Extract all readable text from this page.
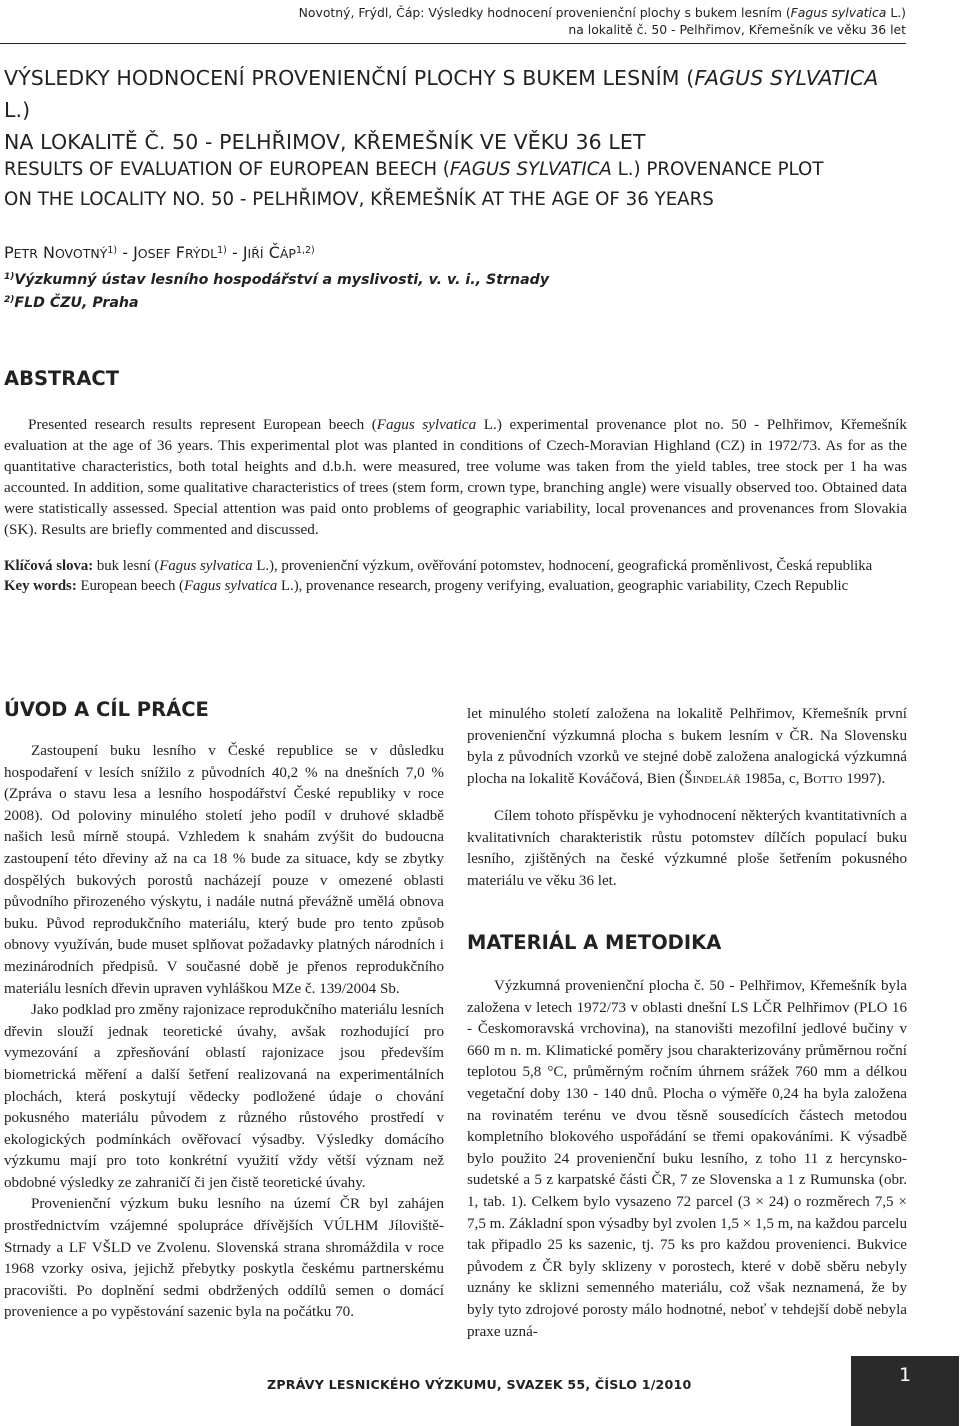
Novotný, Frýdl, Čáp: Výsledky hodnocení provenienční plochy s bukem lesním (Fagus sylvatica L.)
na lokalitě č. 50 - Pelhřimov, Křemešník ve věku 36 let
VÝSLEDKY HODNOCENÍ PROVENIENČNÍ PLOCHY S BUKEM LESNÍM (FAGUS SYLVATICA L.)
NA LOKALITĚ Č. 50 - PELHŘIMOV, KŘEMEŠNÍK VE VĚKU 36 LET
RESULTS OF EVALUATION OF EUROPEAN BEECH (FAGUS SYLVATICA L.) PROVENANCE PLOT
ON THE LOCALITY NO. 50 - PELHŘIMOV, KŘEMEŠNÍK AT THE AGE OF 36 YEARS
PETR NOVOTNÝ$^{1)}$ - JOSEF FRÝDL$^{1)}$ - JIŘÍ ČÁP$^{1,2)}$
$^{1)}$Výzkumný ústav lesního hospodářství a myslivosti, v. v. i., Strnady
$^{2)}$FLD ČZU, Praha
ABSTRACT

Presented research results represent European beech (Fagus sylvatica L.) experimental provenance plot no. 50 - Pelhřimov, Křemešník evaluation at the age of 36 years. This experimental plot was planted in conditions of Czech-Moravian Highland (CZ) in 1972/73. As for as the quantitative characteristics, both total heights and d.b.h. were measured, tree volume was taken from the yield tables, tree stock per 1 ha was accounted. In addition, some qualitative characteristics of trees (stem form, crown type, branching angle) were visually observed too. Obtained data were statistically assessed. Special attention was paid onto problems of geographic variability, local provenances and provenances from Slovakia (SK). Results are briefly commented and discussed.

Klíčová slova: buk lesní (Fagus sylvatica L.), provenienční výzkum, ověřování potomstev, hodnocení, geografická proměnlivost, Česká republika
Key words: European beech (Fagus sylvatica L.), provenance research, progeny verifying, evaluation, geographic variability, Czech Republic
ÚVOD A CÍL PRÁCE

Zastoupení buku lesního v České republice se v důsledku hospodaření v lesích snížilo z původních 40,2 % na dnešních 7,0 % (Zpráva o stavu lesa a lesního hospodářství České republiky v roce 2008). Od poloviny minulého století jeho podíl v druhové skladbě našich lesů mírně stoupá. Vzhledem k snahám zvýšit do budoucna zastoupení této dřeviny až na ca 18 % bude za situace, kdy se zbytky dospělých bukových porostů nacházejí pouze v omezené oblasti původního přirozeného výskytu, i nadále nutná převážně umělá obnova buku. Původ reprodukčního materiálu, který bude pro tento způsob obnovy využíván, bude muset splňovat požadavky platných národních i mezinárodních předpisů. V současné době je přenos reprodukčního materiálu lesních dřevin upraven vyhláškou MZe č. 139/2004 Sb.

Jako podklad pro změny rajonizace reprodukčního materiálu lesních dřevin slouží jednak teoretické úvahy, avšak rozhodující pro vymezování a zpřesňování oblastí rajonizace jsou především biometrická měření a další šetření realizovaná na experimentálních plochách, která poskytují vědecky podložené údaje o chování pokusného materiálu původem z různého růstového prostředí v ekologických podmínkách ověřovací výsadby. Výsledky domácího výzkumu mají pro toto konkrétní využití vždy větší význam než obdobné výsledky ze zahraničí či jen čistě teoretické úvahy.

Provenienční výzkum buku lesního na území ČR byl zahájen prostřednictvím vzájemné spolupráce dřívějších VÚLHM Jíloviště-Strnady a LF VŠLD ve Zvolenu. Slovenská strana shromáždila v roce 1968 vzorky osiva, jejichž přebytky poskytla českému partnerskému pracovišti. Po doplnění sedmi obdržených oddílů semen o domácí provenience a po vypěstování sazenic byla na počátku 70.

let minulého století založena na lokalitě Pelhřimov, Křemešník první provenienční výzkumná plocha s bukem lesním v ČR. Na Slovensku byla z původních vzorků ve stejné době založena analogická výzkumná plocha na lokalitě Kováčová, Bien (Šindelář 1985a, c, Botto 1997).

Cílem tohoto příspěvku je vyhodnocení některých kvantitativních a kvalitativních charakteristik růstu potomstev dílčích populací buku lesního, zjištěných na české výzkumné ploše šetřením pokusného materiálu ve věku 36 let.

MATERIÁL A METODIKA

Výzkumná provenienční plocha č. 50 - Pelhřimov, Křemešník byla založena v letech 1972/73 v oblasti dnešní LS LČR Pelhřimov (PLO 16 - Českomoravská vrchovina), na stanovišti mezofilní jedlové bučiny v 660 m n. m. Klimatické poměry jsou charakterizovány průměrnou roční teplotou 5,8 °C, průměrným ročním úhrnem srážek 760 mm a délkou vegetační doby 130 - 140 dnů. Plocha o výměře 0,24 ha byla založena na rovinatém terénu ve dvou těsně sousedících částech metodou kompletního blokového uspořádání se třemi opakováními. K výsadbě bylo použito 24 provenienční buku lesního, z toho 11 z hercynsko-sudetské a 5 z karpatské části ČR, 7 ze Slovenska a 1 z Rumunska (obr. 1, tab. 1). Celkem bylo vysazeno 72 parcel (3 × 24) o rozměrech 7,5 × 7,5 m. Základní spon výsadby byl zvolen 1,5 × 1,5 m, na každou parcelu tak připadlo 25 ks sazenic, tj. 75 ks pro každou provenienci. Bukvice původem z ČR byly sklizeny v porostech, které v době sběru nebyly uznány ke sklizni semenného materiálu, což však neznamená, že by byly tyto zdrojové porosty málo hodnotné, neboť v tehdejší době nebyla praxe uzná-

ZPRÁVY LESNICKÉHO VÝZKUMU, SVAZEK 55, ČÍSLO 1/2010	1
